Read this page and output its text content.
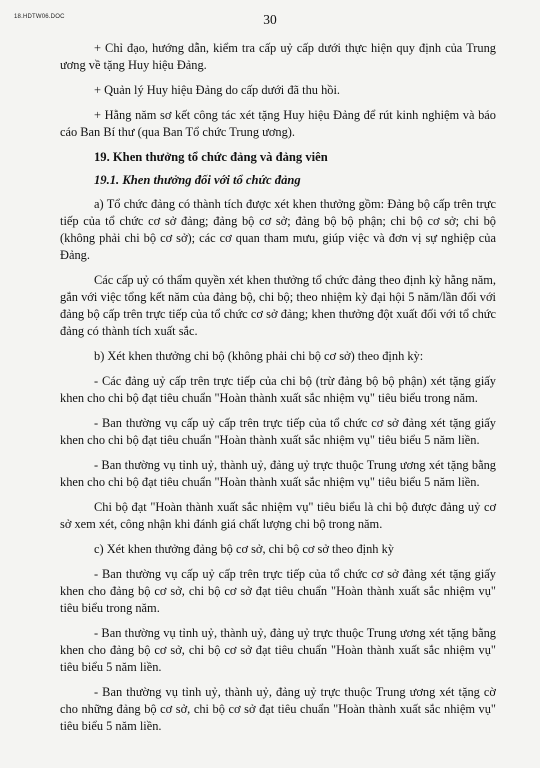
18.HDTW06.DOC	30

+ Chỉ đạo, hướng dẫn, kiểm tra cấp uỷ cấp dưới thực hiện quy định của Trung ương về tặng Huy hiệu Đảng.

+ Quản lý Huy hiệu Đảng do cấp dưới đã thu hồi.

+ Hằng năm sơ kết công tác xét tặng Huy hiệu Đảng để rút kinh nghiệm và báo cáo Ban Bí thư (qua Ban Tổ chức Trung ương).

19. Khen thưởng tổ chức đảng và đảng viên
19.1. Khen thưởng đối với tổ chức đảng

a) Tổ chức đảng có thành tích được xét khen thưởng gồm: Đảng bộ cấp trên trực tiếp của tổ chức cơ sở đảng; đảng bộ cơ sở; đảng bộ bộ phận; chi bộ cơ sở; chi bộ (không phải chi bộ cơ sở); các cơ quan tham mưu, giúp việc và đơn vị sự nghiệp của Đảng.

Các cấp uỷ có thẩm quyền xét khen thưởng tổ chức đảng theo định kỳ hằng năm, gắn với việc tổng kết năm của đảng bộ, chi bộ; theo nhiệm kỳ đại hội 5 năm/lần đối với đảng bộ cấp trên trực tiếp của tổ chức cơ sở đảng; khen thưởng đột xuất đối với tổ chức đảng có thành tích xuất sắc.

b) Xét khen thưởng chi bộ (không phải chi bộ cơ sở) theo định kỳ:

- Các đảng uỷ cấp trên trực tiếp của chi bộ (trừ đảng bộ bộ phận) xét tặng giấy khen cho chi bộ đạt tiêu chuẩn "Hoàn thành xuất sắc nhiệm vụ" tiêu biểu trong năm.

- Ban thường vụ cấp uỷ cấp trên trực tiếp của tổ chức cơ sở đảng xét tặng giấy khen cho chi bộ đạt tiêu chuẩn "Hoàn thành xuất sắc nhiệm vụ" tiêu biểu 5 năm liền.

- Ban thường vụ tỉnh uỷ, thành uỷ, đảng uỷ trực thuộc Trung ương xét tặng bằng khen cho chi bộ đạt tiêu chuẩn "Hoàn thành xuất sắc nhiệm vụ" tiêu biểu 5 năm liền.

Chi bộ đạt "Hoàn thành xuất sắc nhiệm vụ" tiêu biểu là chi bộ được đảng uỷ cơ sở xem xét, công nhận khi đánh giá chất lượng chi bộ trong năm.

c) Xét khen thưởng đảng bộ cơ sở, chi bộ cơ sở theo định kỳ

- Ban thường vụ cấp uỷ cấp trên trực tiếp của tổ chức cơ sở đảng xét tặng giấy khen cho đảng bộ cơ sở, chi bộ cơ sở đạt tiêu chuẩn "Hoàn thành xuất sắc nhiệm vụ" tiêu biểu trong năm.

- Ban thường vụ tỉnh uỷ, thành uỷ, đảng uỷ trực thuộc Trung ương xét tặng bằng khen cho đảng bộ cơ sở, chi bộ cơ sở đạt tiêu chuẩn "Hoàn thành xuất sắc nhiệm vụ" tiêu biểu 5 năm liền.

- Ban thường vụ tỉnh uỷ, thành uỷ, đảng uỷ trực thuộc Trung ương xét tặng cờ cho những đảng bộ cơ sở, chi bộ cơ sở đạt tiêu chuẩn "Hoàn thành xuất sắc nhiệm vụ" tiêu biểu 5 năm liền.
